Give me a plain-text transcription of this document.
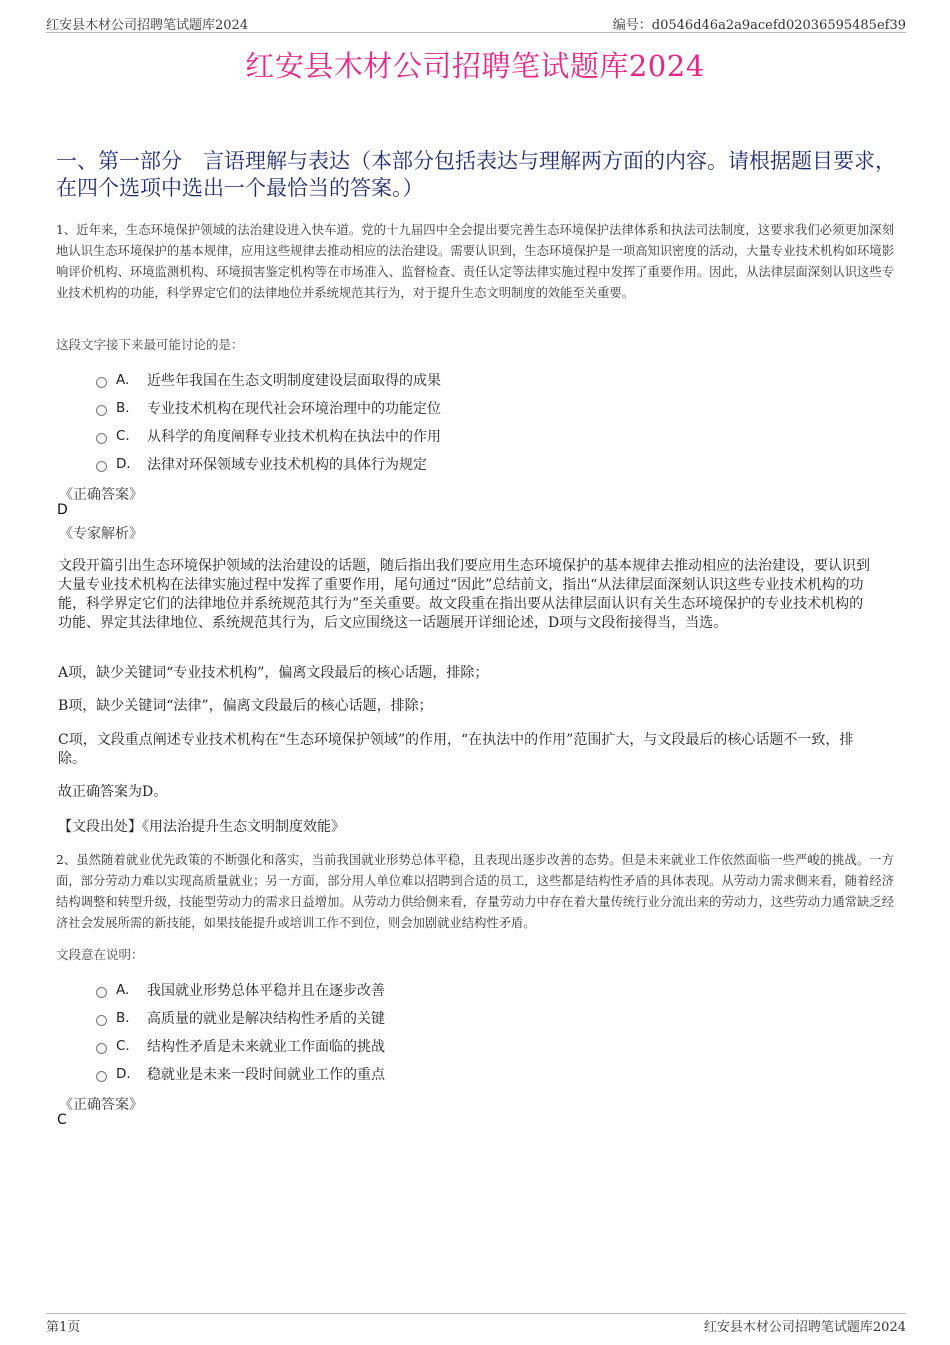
红安县木材公司招聘笔试题库2024	编号：d0546d46a2a9acefd02036595485ef39
红安县木材公司招聘笔试题库2024
一、第一部分　言语理解与表达（本部分包括表达与理解两方面的内容。请根据题目要求，在四个选项中选出一个最恰当的答案。）
1、近年来，生态环境保护领域的法治建设进入快车道。党的十九届四中全会提出要完善生态环境保护法律体系和执法司法制度，这要求我们必须更加深刻地认识生态环境保护的基本规律，应用这些规律去推动相应的法治建设。需要认识到，生态环境保护是一项高知识密度的活动，大量专业技术机构如环境影响评价机构、环境监测机构、环境损害鉴定机构等在市场准入、监督检查、责任认定等法律实施过程中发挥了重要作用。因此，从法律层面深刻认识这些专业技术机构的功能，科学界定它们的法律地位并系统规范其行为，对于提升生态文明制度的效能至关重要。
这段文字接下来最可能讨论的是：
A.	近些年我国在生态文明制度建设层面取得的成果
B.	专业技术机构在现代社会环境治理中的功能定位
C.	从科学的角度阐释专业技术机构在执法中的作用
D.	法律对环保领域专业技术机构的具体行为规定
《正确答案》
D
《专家解析》
文段开篇引出生态环境保护领域的法治建设的话题，随后指出我们要应用生态环境保护的基本规律去推动相应的法治建设，要认识到大量专业技术机构在法律实施过程中发挥了重要作用，尾句通过“因此”总结前文，指出“从法律层面深刻认识这些专业技术机构的功能，科学界定它们的法律地位并系统规范其行为”至关重要。故文段重在指出要从法律层面认识有关生态环境保护的专业技术机构的功能、界定其法律地位、系统规范其行为，后文应围绕这一话题展开详细论述，D项与文段衔接得当，当选。
A项，缺少关键词“专业技术机构”，偏离文段最后的核心话题，排除；
B项，缺少关键词“法律”，偏离文段最后的核心话题，排除；
C项，文段重点阐述专业技术机构在“生态环境保护领域”的作用，“在执法中的作用”范围扩大，与文段最后的核心话题不一致，排除。
故正确答案为D。
【文段出处】《用法治提升生态文明制度效能》
2、虽然随着就业优先政策的不断强化和落实，当前我国就业形势总体平稳，且表现出逐步改善的态势。但是未来就业工作依然面临一些严峻的挑战。一方面，部分劳动力难以实现高质量就业；另一方面，部分用人单位难以招聘到合适的员工，这些都是结构性矛盾的具体表现。从劳动力需求侧来看，随着经济结构调整和转型升级，技能型劳动力的需求日益增加。从劳动力供给侧来看，存量劳动力中存在着大量传统行业分流出来的劳动力，这些劳动力通常缺乏经济社会发展所需的新技能，如果技能提升或培训工作不到位，则会加剧就业结构性矛盾。
文段意在说明：
A.	我国就业形势总体平稳并且在逐步改善
B.	高质量的就业是解决结构性矛盾的关键
C.	结构性矛盾是未来就业工作面临的挑战
D.	稳就业是未来一段时间就业工作的重点
《正确答案》
C
第1页	红安县木材公司招聘笔试题库2024
